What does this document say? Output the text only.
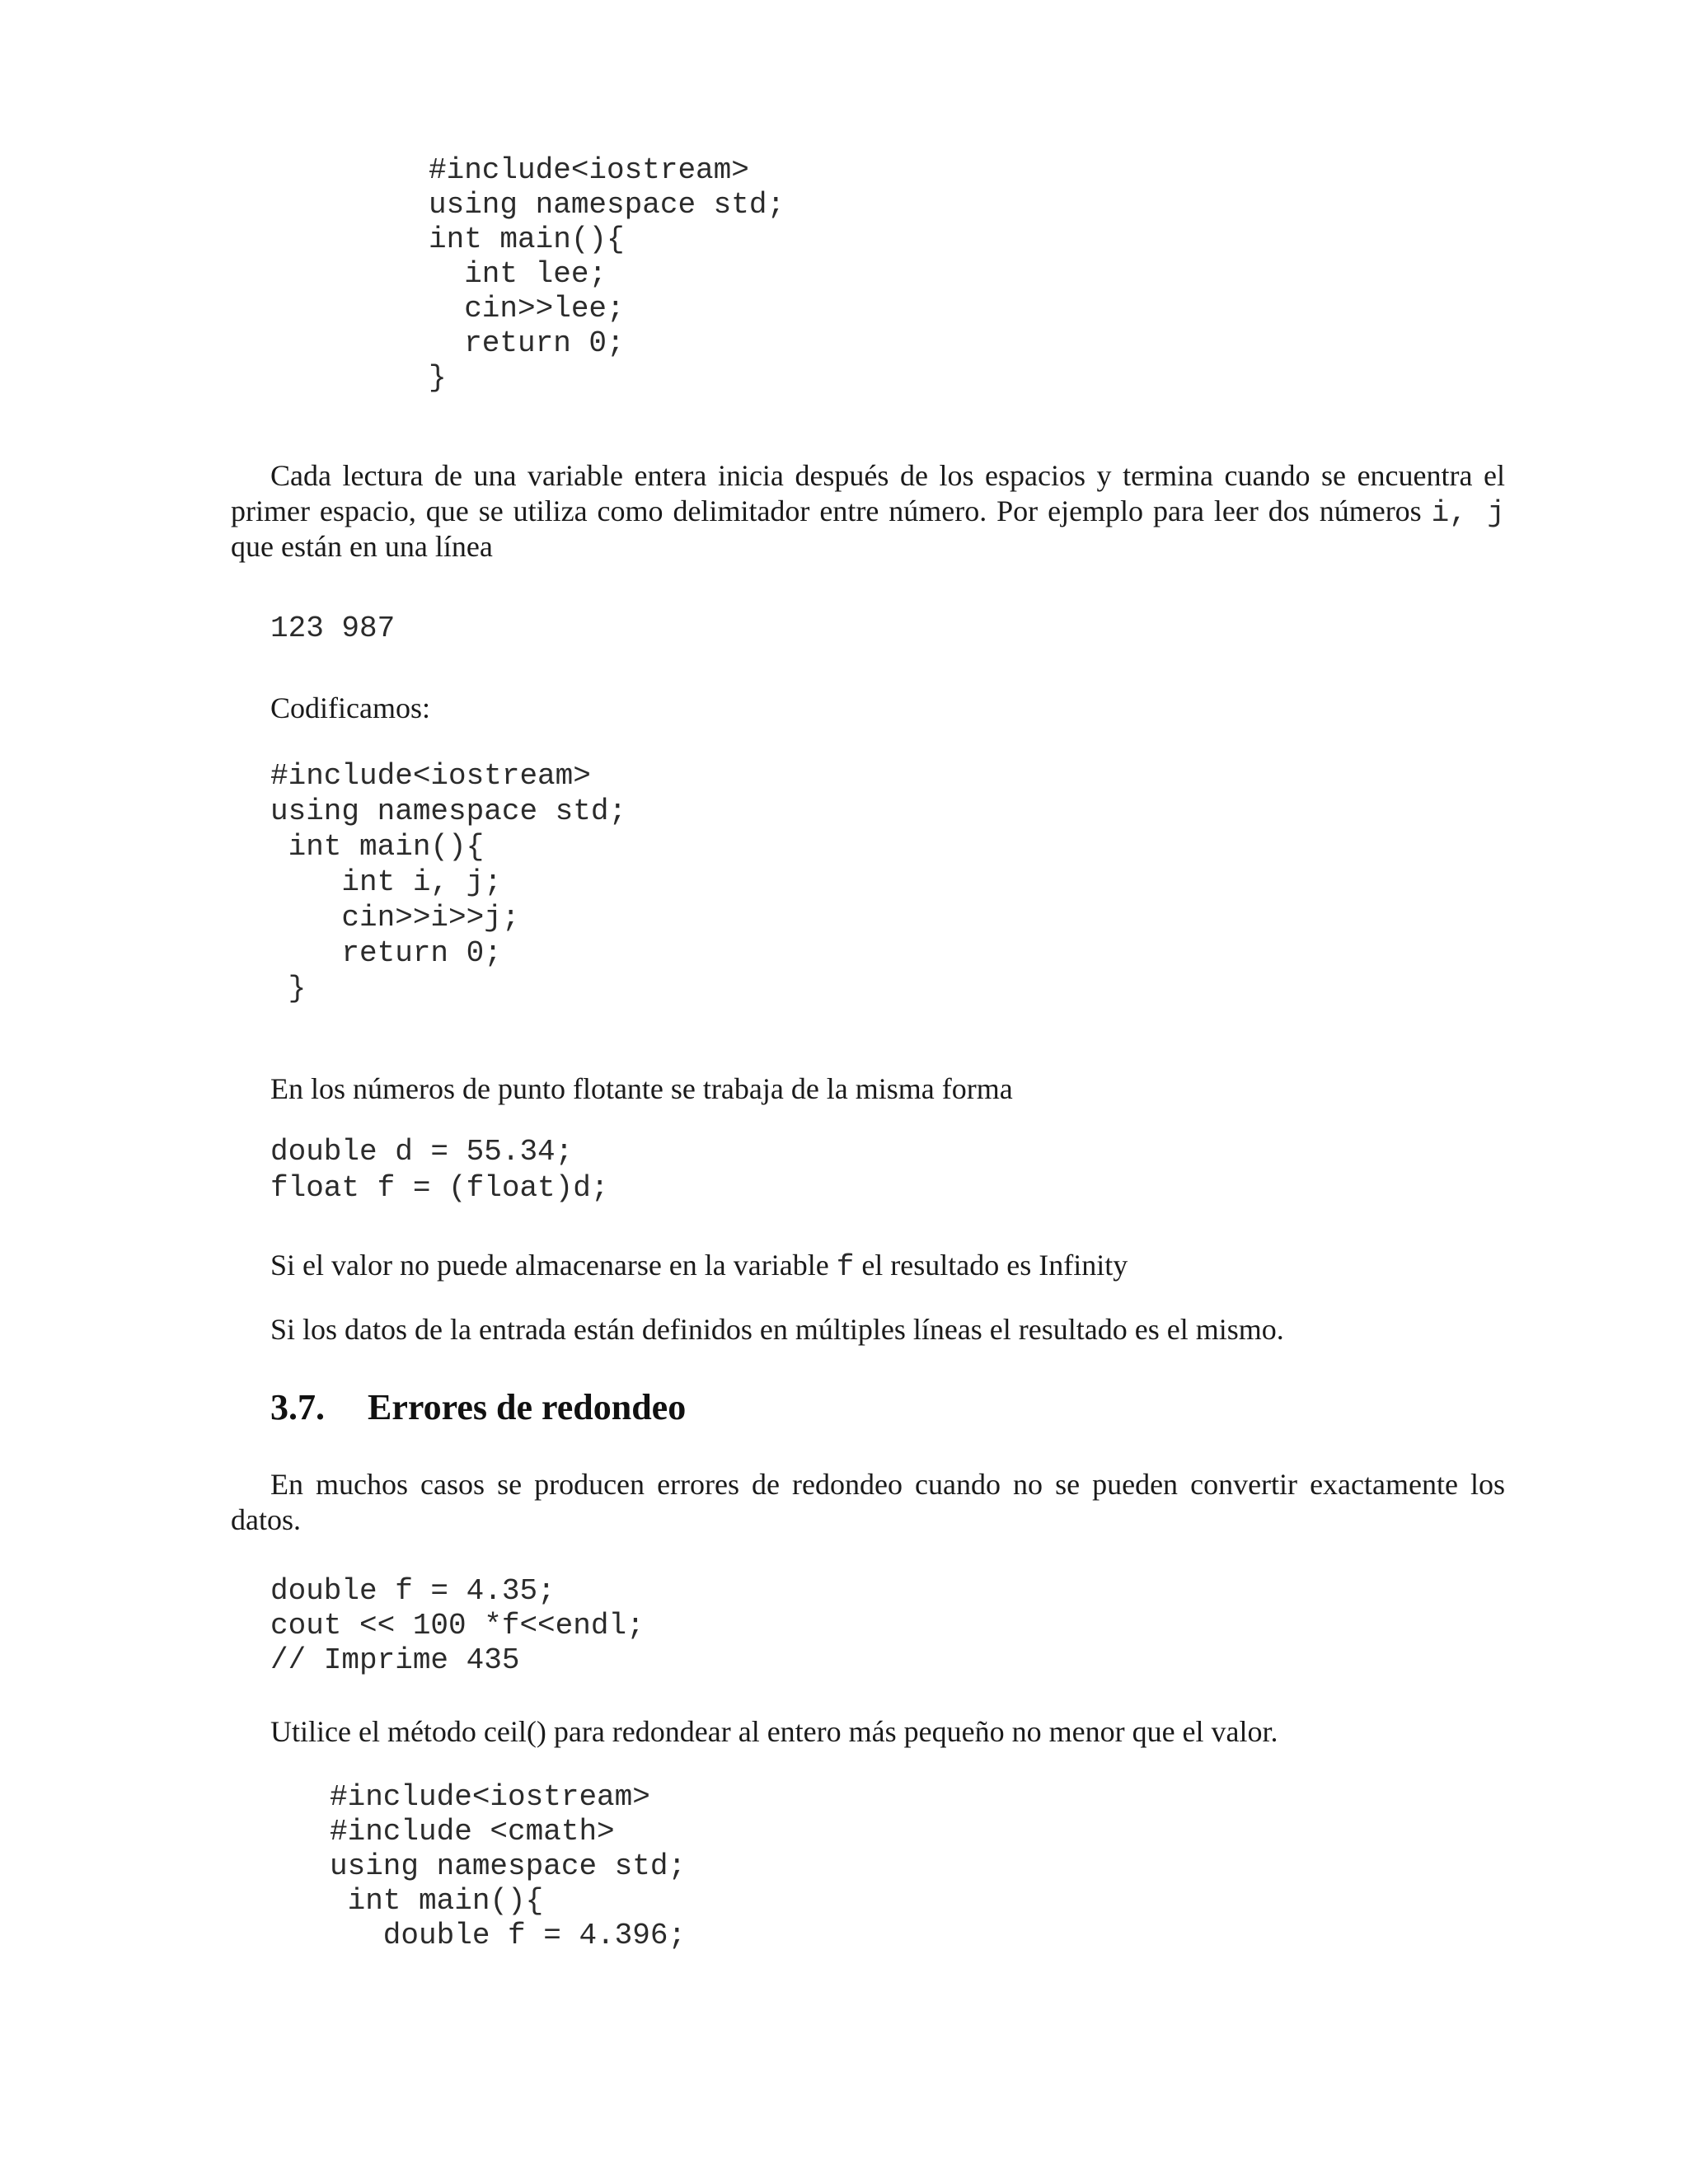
#include<iostream>
using namespace std;
int main(){
int lee;
cin>>lee;
return 0;
}
Cada lectura de una variable entera inicia después de los espacios y termina cuando se encuentra el
primer espacio, que se utiliza como delimitador entre número. Por ejemplo para leer dos números i, j
que están en una línea
123 987
Codificamos:
#include<iostream>
using namespace std;
int main(){
int i, j;
cin>>i>>j;
return 0;
}
En los números de punto flotante se trabaja de la misma forma
double d = 55.34;
float f = (float)d;
Si el valor no puede almacenarse en la variable f el resultado es Infinity
Si los datos de la entrada están definidos en múltiples líneas el resultado es el mismo.
3.7. Errores de redondeo
En muchos casos se producen errores de redondeo cuando no se pueden convertir exactamente los
datos.
double f = 4.35;
cout << 100 *f<<endl;
// Imprime 435
Utilice el método ceil() para redondear al entero más pequeño no menor que el valor.
#include<iostream>
#include <cmath>
using namespace std;
int main(){
double f = 4.396;
